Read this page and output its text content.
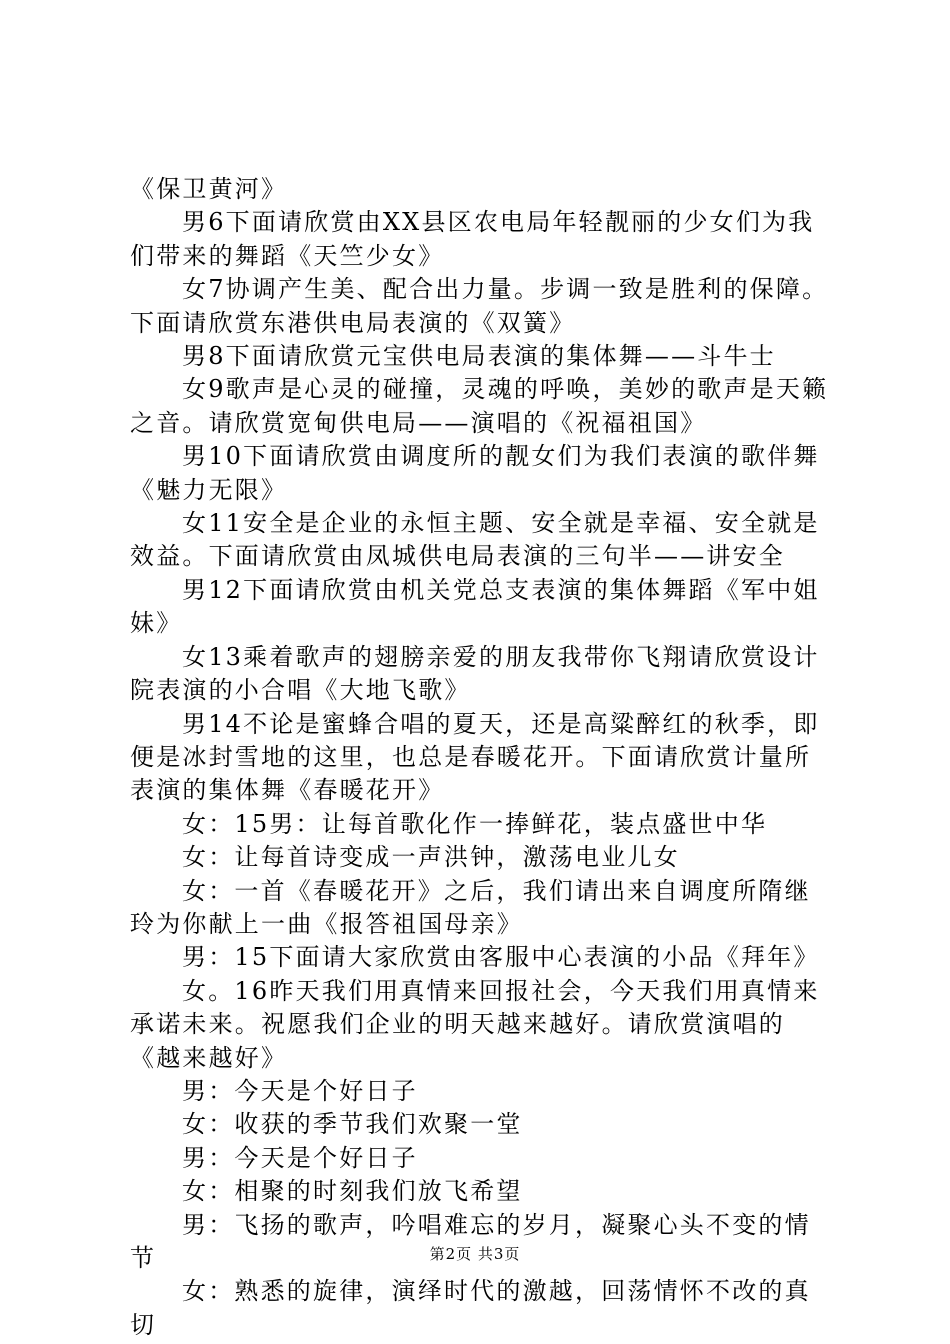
《保卫黄河》

男6下面请欣赏由XX县区农电局年轻靓丽的少女们为我们带来的舞蹈《天竺少女》

女7协调产生美、配合出力量。步调一致是胜利的保障。下面请欣赏东港供电局表演的《双簧》

男8下面请欣赏元宝供电局表演的集体舞——斗牛士

女9歌声是心灵的碰撞，灵魂的呼唤，美妙的歌声是天籁之音。请欣赏宽甸供电局——演唱的《祝福祖国》

男10下面请欣赏由调度所的靓女们为我们表演的歌伴舞《魅力无限》

女11安全是企业的永恒主题、安全就是幸福、安全就是效益。下面请欣赏由凤城供电局表演的三句半——讲安全

男12下面请欣赏由机关党总支表演的集体舞蹈《军中姐妹》

女13乘着歌声的翅膀亲爱的朋友我带你飞翔请欣赏设计院表演的小合唱《大地飞歌》

男14不论是蜜蜂合唱的夏天，还是高粱醉红的秋季，即便是冰封雪地的这里，也总是春暖花开。下面请欣赏计量所表演的集体舞《春暖花开》

女：15男：让每首歌化作一捧鲜花，装点盛世中华

女：让每首诗变成一声洪钟，激荡电业儿女

女：一首《春暖花开》之后，我们请出来自调度所隋继玲为你献上一曲《报答祖国母亲》

男：15下面请大家欣赏由客服中心表演的小品《拜年》

女。16昨天我们用真情来回报社会，今天我们用真情来承诺未来。祝愿我们企业的明天越来越好。请欣赏演唱的《越来越好》

男：今天是个好日子

女：收获的季节我们欢聚一堂

男：今天是个好日子

女：相聚的时刻我们放飞希望

男：飞扬的歌声，吟唱难忘的岁月，凝聚心头不变的情节

女：熟悉的旋律，演绎时代的激越，回荡情怀不改的真切

第2页 共3页
